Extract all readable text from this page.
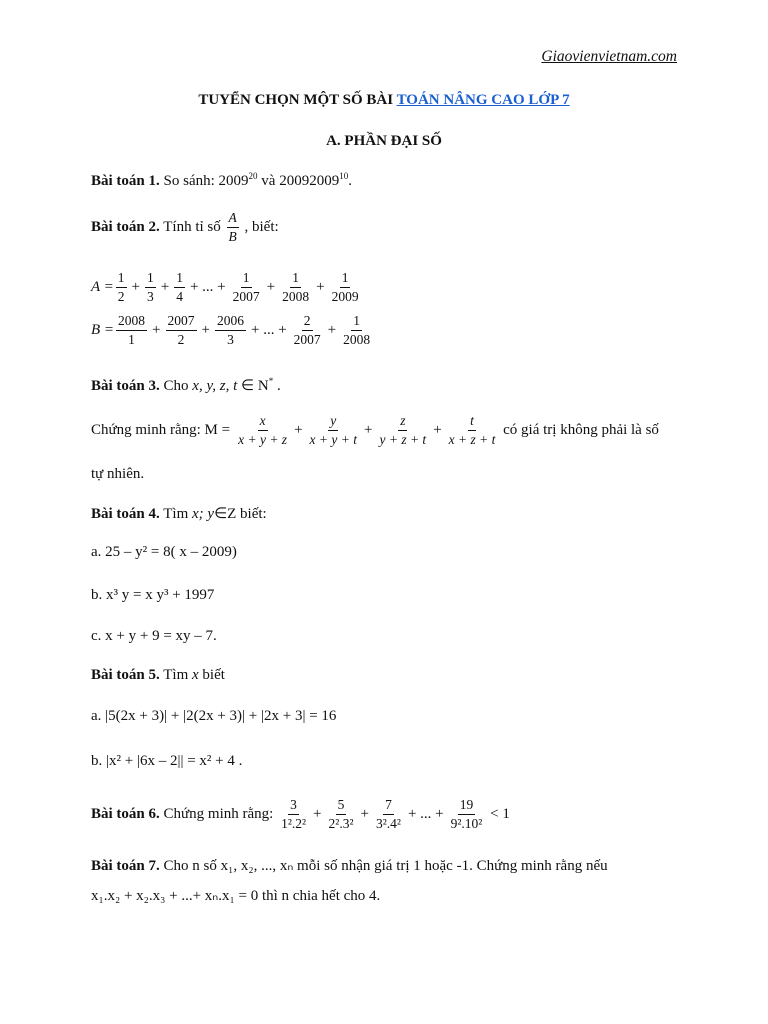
Giaovienvietnam.com
TUYỂN CHỌN MỘT SỐ BÀI TOÁN NÂNG CAO LỚP 7
A. PHẦN ĐẠI SỐ
Bài toán 1. So sánh: 2009$^{20}$ và 20092009$^{10}$.
Bài toán 2. Tính tỉ số $\frac{A}{B}$ , biết:
$A = \frac{1}{2} + \frac{1}{3} + \frac{1}{4}$ + ... + $\frac{1}{2007} + \frac{1}{2008} + \frac{1}{2009}$
$B = \frac{2008}{1} + \frac{2007}{2} + \frac{2006}{3}$ + ... + $\frac{2}{2007} + \frac{1}{2008}$
Bài toán 3. Cho x, y, z, t ∈ N* .
Chứng minh rằng: $M = \frac{x}{x + y + z} + \frac{y}{x + y + t} + \frac{z}{y + z + t} + \frac{t}{x + z + t}$ có giá trị không phải là số
tự nhiên.
Bài toán 4. Tìm x; y∈Z biết:
a. 25 – y² = 8( x – 2009)
b. x³ y = x y³ + 1997
c. x + y + 9 = xy – 7.
Bài toán 5. Tìm x biết
a. |5(2x + 3)| + |2(2x + 3)| + |2x + 3| = 16
b. |x² + |6x – 2|| = x² + 4 .
Bài toán 6. Chứng minh rằng: $\frac{3}{\text{1².2²}} + \frac{5}{\text{2².3²}} + \frac{7}{\text{3².4²}}$ + ... + $\frac{19}{\text{9².10²}} < 1$
Bài toán 7. Cho n số x₁, x₂, ..., xₙ mỗi số nhận giá trị 1 hoặc -1. Chứng minh rằng nếu
x₁.x₂ + x₂.x₃ + ...+ xₙ.x₁ = 0 thì n chia hết cho 4.
